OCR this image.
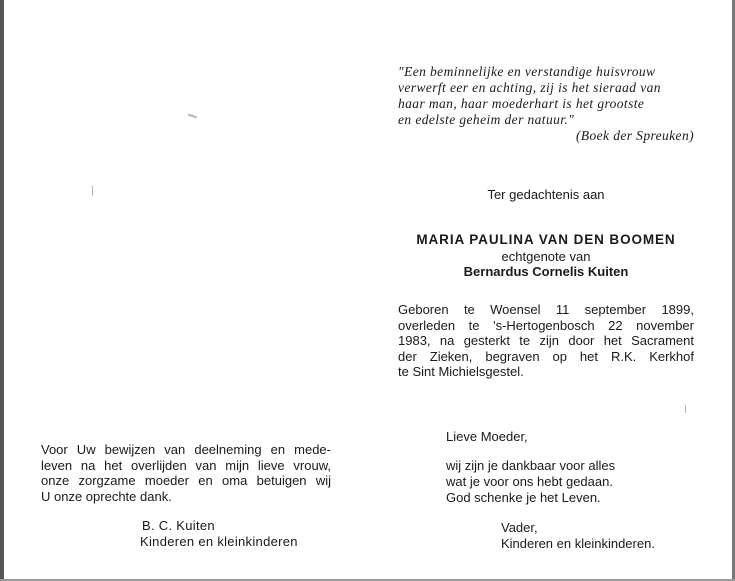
"Een beminnelijke en verstandige huisvrouw
verwerft eer en achting, zij is het sieraad van
haar man, haar moederhart is het grootste
en edelste geheim der natuur."
(Boek der Spreuken)
Ter gedachtenis aan
MARIA PAULINA VAN DEN BOOMEN
echtgenote van
Bernardus Cornelis Kuiten
Geboren te Woensel 11 september 1899,
overleden te 's-Hertogenbosch 22 november
1983, na gesterkt te zijn door het Sacrament
der Zieken, begraven op het R.K. Kerkhof
te Sint Michielsgestel.
Voor Uw bewijzen van deelneming en mede-
leven na het overlijden van mijn lieve vrouw,
onze zorgzame moeder en oma betuigen wij
U onze oprechte dank.
B. C. Kuiten
Kinderen en kleinkinderen
Lieve Moeder,
wij zijn je dankbaar voor alles
wat je voor ons hebt gedaan.
God schenke je het Leven.
Vader,
Kinderen en kleinkinderen.
